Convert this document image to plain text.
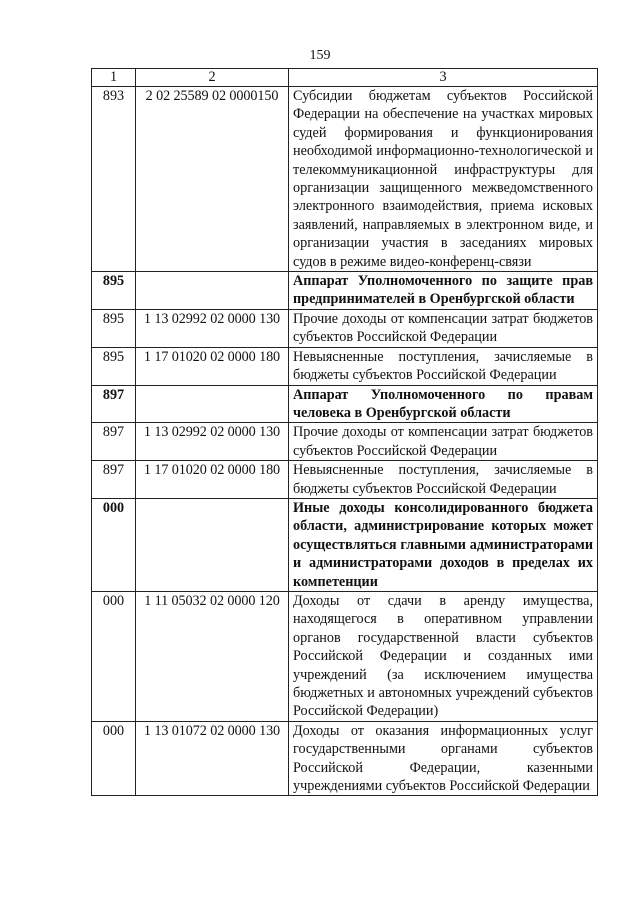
159
1	2	3
893	2 02 25589 02 0000150	Субсидии бюджетам субъектов Российской Федерации на обеспечение на участках мировых судей формирования и функционирования необходимой информационно-технологической и телекоммуникационной инфраструктуры для организации защищенного межведомственного электронного взаимодействия, приема исковых заявлений, направляемых в электронном виде, и организации участия в заседаниях мировых судов в режиме видео-конференц-связи
895		Аппарат Уполномоченного по защите прав предпринимателей в Оренбургской области
895	1 13 02992 02 0000 130	Прочие доходы от компенсации затрат бюджетов субъектов Российской Федерации
895	1 17 01020 02 0000 180	Невыясненные поступления, зачисляемые в бюджеты субъектов Российской Федерации
897		Аппарат Уполномоченного по правам человека в Оренбургской области
897	1 13 02992 02 0000 130	Прочие доходы от компенсации затрат бюджетов субъектов Российской Федерации
897	1 17 01020 02 0000 180	Невыясненные поступления, зачисляемые в бюджеты субъектов Российской Федерации
000		Иные доходы консолидированного бюджета области, администрирование которых может осуществляться главными администраторами и администраторами доходов в пределах их компетенции
000	1 11 05032 02 0000 120	Доходы от сдачи в аренду имущества, находящегося в оперативном управлении органов государственной власти субъектов Российской Федерации и созданных ими учреждений (за исключением имущества бюджетных и автономных учреждений субъектов Российской Федерации)
000	1 13 01072 02 0000 130	Доходы от оказания информационных услуг государственными органами субъектов Российской Федерации, казенными учреждениями субъектов Российской Федерации
